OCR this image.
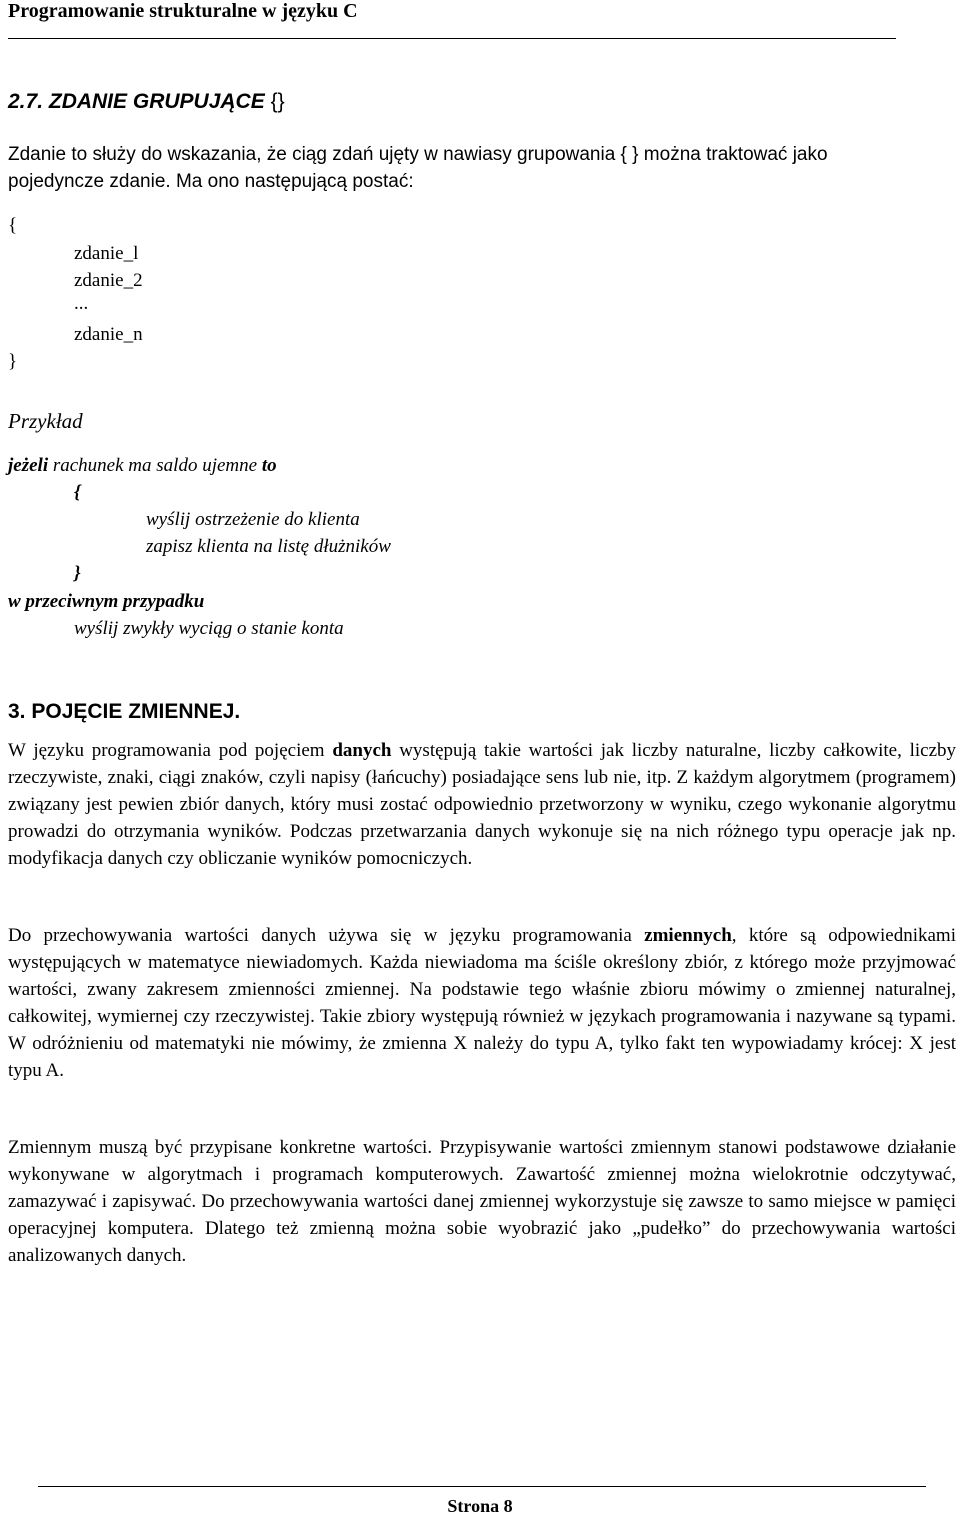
Programowanie strukturalne w języku C
2.7. ZDANIE GRUPUJĄCE {}
Zdanie to służy do wskazania, że ciąg zdań ujęty w nawiasy grupowania { } można traktować jako
pojedyncze zdanie. Ma ono następującą postać:
{
zdanie_l
zdanie_2
...
zdanie_n
}
Przykład
jeżeli rachunek ma saldo ujemne to
{
wyślij ostrzeżenie do klienta
zapisz klienta na listę dłużników
}
w przeciwnym przypadku
wyślij zwykły wyciąg o stanie konta
3. POJĘCIE ZMIENNEJ.
W języku programowania pod pojęciem danych występują takie wartości jak liczby naturalne, liczby całkowite, liczby rzeczywiste, znaki, ciągi znaków, czyli napisy (łańcuchy) posiadające sens lub nie, itp. Z każdym algorytmem (programem) związany jest pewien zbiór danych, który musi zostać odpowiednio przetworzony w wyniku, czego wykonanie algorytmu prowadzi do otrzymania wyników. Podczas przetwarzania danych wykonuje się na nich różnego typu operacje jak np. modyfikacja danych czy obliczanie wyników pomocniczych.
Do przechowywania wartości danych używa się w języku programowania zmiennych, które są odpowiednikami występujących w matematyce niewiadomych. Każda niewiadoma ma ściśle określony zbiór, z którego może przyjmować wartości, zwany zakresem zmienności zmiennej. Na podstawie tego właśnie zbioru mówimy o zmiennej naturalnej, całkowitej, wymiernej czy rzeczywistej. Takie zbiory występują również w językach programowania i nazywane są typami. W odróżnieniu od matematyki nie mówimy, że zmienna X należy do typu A, tylko fakt ten wypowiadamy krócej: X jest typu A.
Zmiennym muszą być przypisane konkretne wartości. Przypisywanie wartości zmiennym stanowi podstawowe działanie wykonywane w algorytmach i programach komputerowych. Zawartość zmiennej można wielokrotnie odczytywać, zamazywać i zapisywać. Do przechowywania wartości danej zmiennej wykorzystuje się zawsze to samo miejsce w pamięci operacyjnej komputera. Dlatego też zmienną można sobie wyobrazić jako „pudełko” do przechowywania wartości analizowanych danych.
Strona 8
